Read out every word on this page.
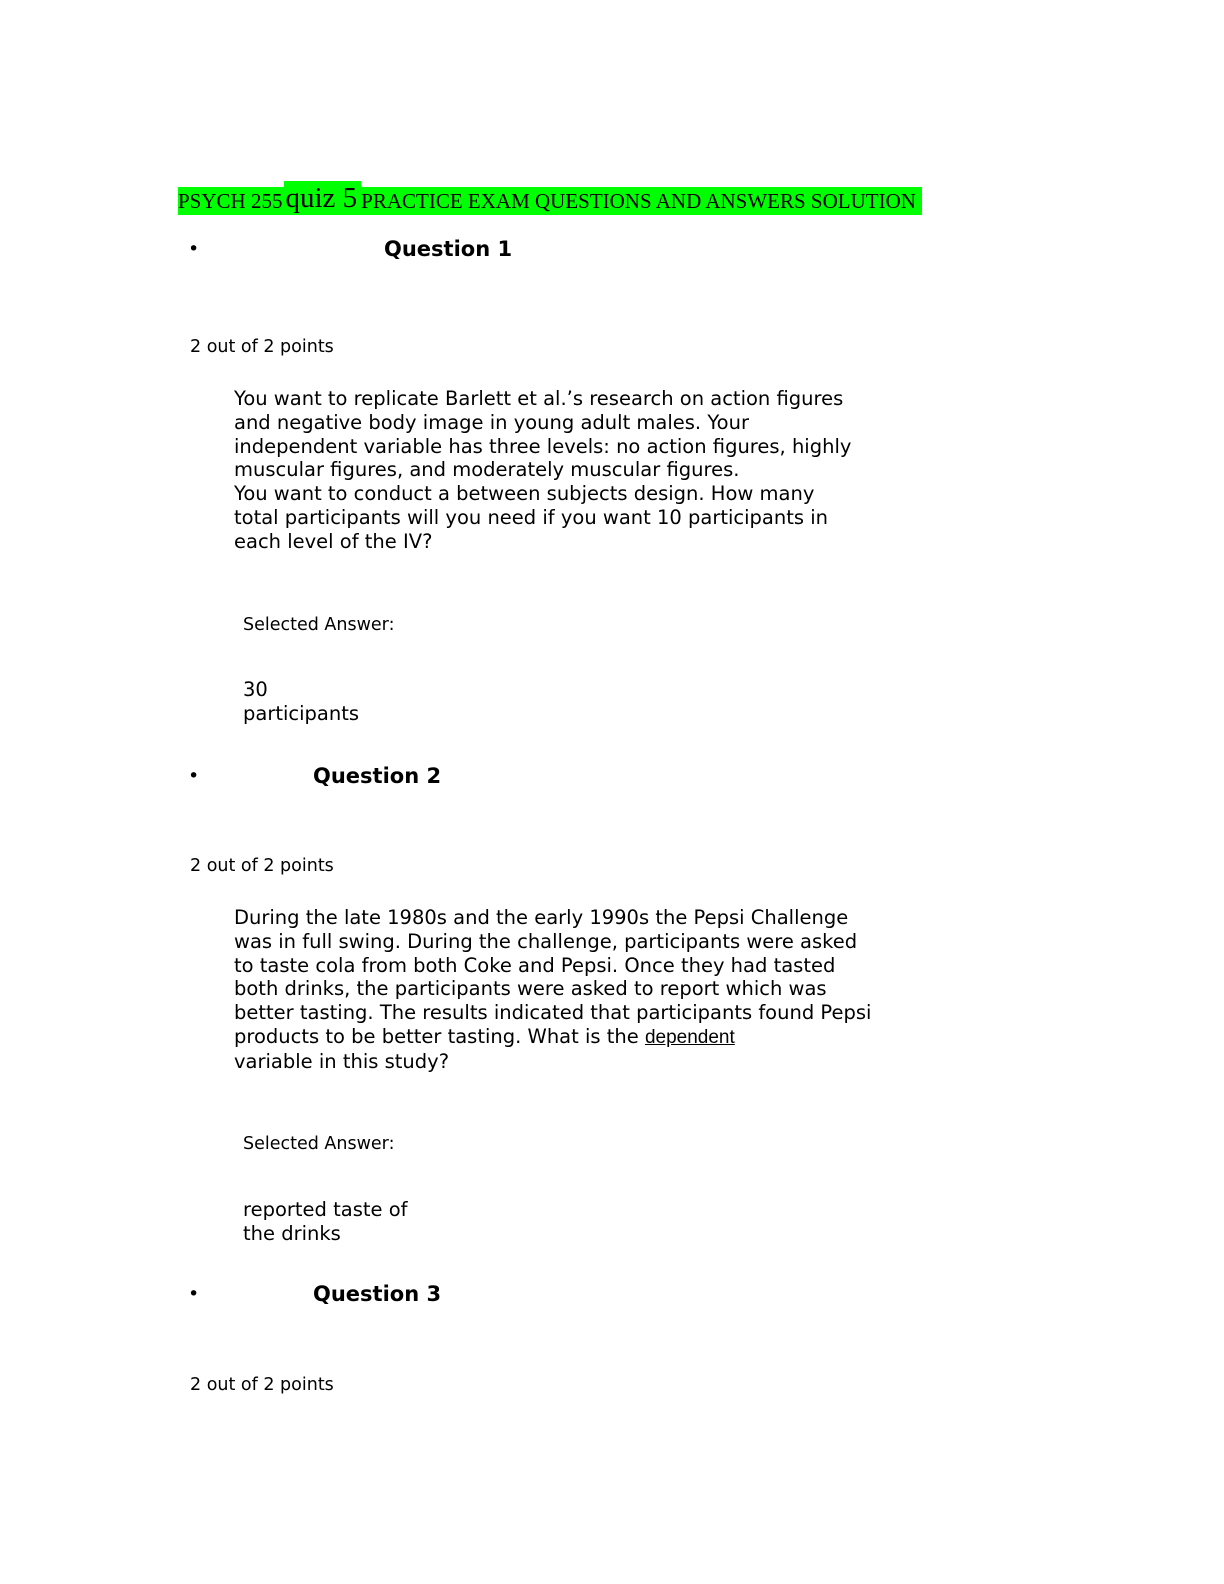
PSYCH 255quiz 5 PRACTICE EXAM QUESTIONS AND ANSWERS SOLUTION
•	Question 1
2 out of 2 points
You want to replicate Barlett et al.’s research on action figures
and negative body image in young adult males. Your
independent variable has three levels: no action figures, highly
muscular figures, and moderately muscular figures.
You want to conduct a between subjects design. How many
total participants will you need if you want 10 participants in
each level of the IV?
Selected Answer:
30
participants
•	Question 2
2 out of 2 points
During the late 1980s and the early 1990s the Pepsi Challenge
was in full swing. During the challenge, participants were asked
to taste cola from both Coke and Pepsi. Once they had tasted
both drinks, the participants were asked to report which was
better tasting. The results indicated that participants found Pepsi
products to be better tasting. What is the dependent
variable in this study?
Selected Answer:
reported taste of
the drinks
•	Question 3
2 out of 2 points
